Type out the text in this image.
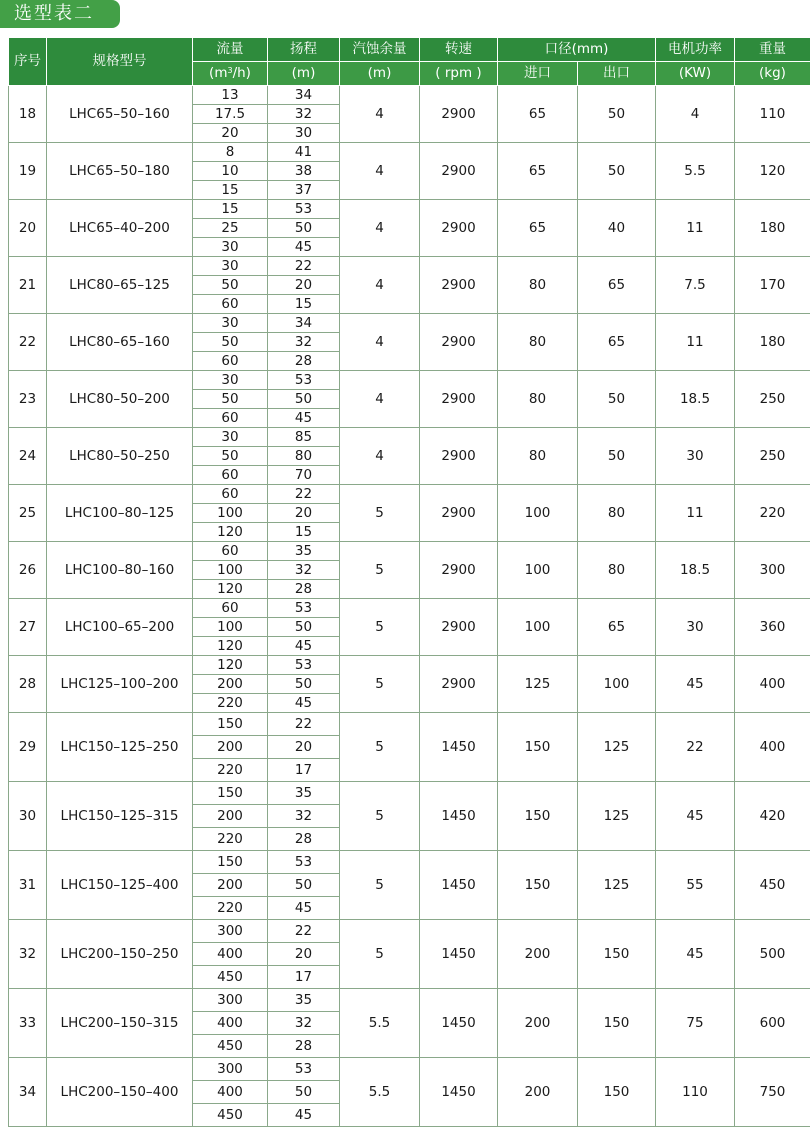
选型表二
序号	规格型号	流量	扬程	汽蚀余量	转速	口径(mm)		电机功率	重量
		$(m^3/h)$	(m)	(m)	( rpm )	进口	出口	(KW)	(kg)
18	LHC65–50–160	13	34	4	2900	65	50	4	110
		17.5	32						
		20	30						
19	LHC65–50–180	8	41	4	2900	65	50	5.5	120
		10	38						
		15	37						
20	LHC65–40–200	15	53	4	2900	65	40	11	180
		25	50						
		30	45						
21	LHC80–65–125	30	22	4	2900	80	65	7.5	170
		50	20						
		60	15						
22	LHC80–65–160	30	34	4	2900	80	65	11	180
		50	32						
		60	28						
23	LHC80–50–200	30	53	4	2900	80	50	18.5	250
		50	50						
		60	45						
24	LHC80–50–250	30	85	4	2900	80	50	30	250
		50	80						
		60	70						
25	LHC100–80–125	60	22	5	2900	100	80	11	220
		100	20						
		120	15						
26	LHC100–80–160	60	35	5	2900	100	80	18.5	300
		100	32						
		120	28						
27	LHC100–65–200	60	53	5	2900	100	65	30	360
		100	50						
		120	45						
28	LHC125–100–200	120	53	5	2900	125	100	45	400
		200	50						
		220	45						
29	LHC150–125–250	150	22	5	1450	150	125	22	400
		200	20						
		220	17						
30	LHC150–125–315	150	35	5	1450	150	125	45	420
		200	32						
		220	28						
31	LHC150–125–400	150	53	5	1450	150	125	55	450
		200	50						
		220	45						
32	LHC200–150–250	300	22	5	1450	200	150	45	500
		400	20						
		450	17						
33	LHC200–150–315	300	35	5.5	1450	200	150	75	600
		400	32						
		450	28						
34	LHC200–150–400	300	53	5.5	1450	200	150	110	750
		400	50						
		450	45						
